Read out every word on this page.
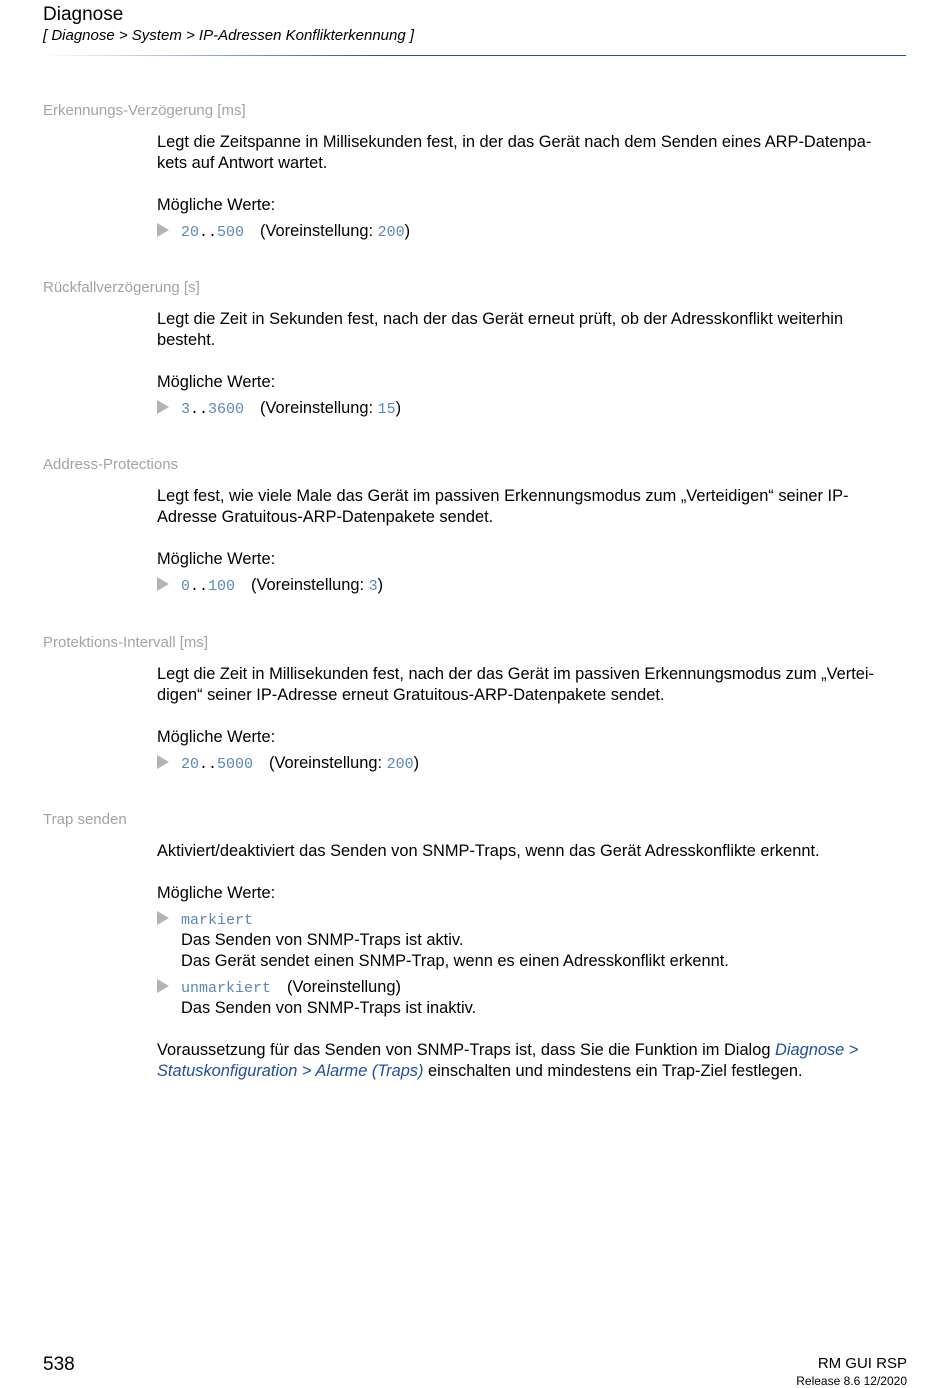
Diagnose
[ Diagnose > System > IP-Adressen Konflikterkennung ]
Erkennungs-Verzögerung [ms]
Legt die Zeitspanne in Millisekunden fest, in der das Gerät nach dem Senden eines ARP-Datenpa-
kets auf Antwort wartet.
Mögliche Werte:
20..500 (Voreinstellung: 200)
Rückfallverzögerung [s]
Legt die Zeit in Sekunden fest, nach der das Gerät erneut prüft, ob der Adresskonflikt weiterhin
besteht.
Mögliche Werte:
3..3600 (Voreinstellung: 15)
Address-Protections
Legt fest, wie viele Male das Gerät im passiven Erkennungsmodus zum „Verteidigen“ seiner IP-
Adresse Gratuitous-ARP-Datenpakete sendet.
Mögliche Werte:
0..100 (Voreinstellung: 3)
Protektions-Intervall [ms]
Legt die Zeit in Millisekunden fest, nach der das Gerät im passiven Erkennungsmodus zum „Vertei-
digen“ seiner IP-Adresse erneut Gratuitous-ARP-Datenpakete sendet.
Mögliche Werte:
20..5000 (Voreinstellung: 200)
Trap senden
Aktiviert/deaktiviert das Senden von SNMP-Traps, wenn das Gerät Adresskonflikte erkennt.
Mögliche Werte:
markiert
Das Senden von SNMP-Traps ist aktiv.
Das Gerät sendet einen SNMP-Trap, wenn es einen Adresskonflikt erkennt.
unmarkiert (Voreinstellung)
Das Senden von SNMP-Traps ist inaktiv.
Voraussetzung für das Senden von SNMP-Traps ist, dass Sie die Funktion im Dialog Diagnose >
Statuskonfiguration > Alarme (Traps) einschalten und mindestens ein Trap-Ziel festlegen.
538	RM GUI RSP
Release 8.6 12/2020
